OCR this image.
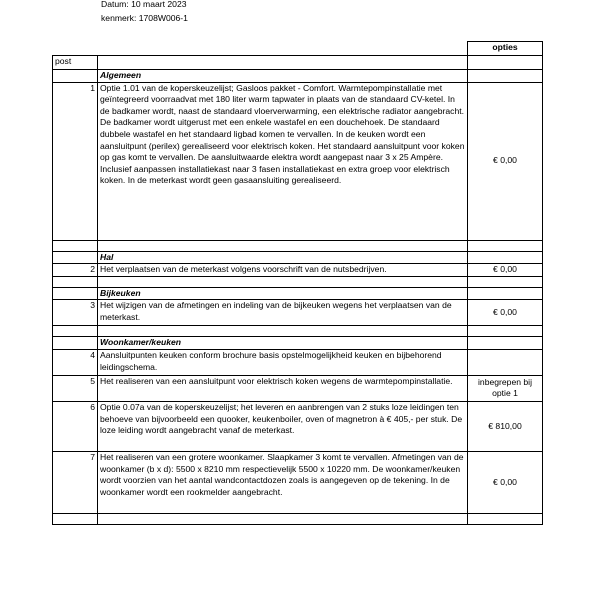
Datum: 10 maart 2023
kenmerk: 1708W006-1
		opties
post		
	Algemeen	
1	Optie 1.01 van de koperskeuzelijst; Gasloos pakket - Comfort. Warmtepompinstallatie met geïntegreerd voorraadvat met 180 liter warm tapwater in plaats van de standaard CV-ketel. In de badkamer wordt, naast de standaard vloerverwarming, een elektrische radiator aangebracht. De badkamer wordt uitgerust met een enkele wastafel en een douchehoek. De standaard dubbele wastafel en het standaard ligbad komen te vervallen. In de keuken wordt een aansluitpunt (perilex) gerealiseerd voor elektrisch koken. Het standaard aansluitpunt voor koken op gas komt te vervallen. De aansluitwaarde elektra wordt aangepast naar 3 x 25 Ampère. Inclusief aanpassen installatiekast naar 3 fasen installatiekast en extra groep voor elektrisch koken. In de meterkast wordt geen gasaansluiting gerealiseerd.	€ 0,00

	Hal	
2	Het verplaatsen van de meterkast volgens voorschrift van de nutsbedrijven.	€ 0,00

	Bijkeuken	
3	Het wijzigen van de afmetingen en indeling van de bijkeuken wegens het verplaatsen van de meterkast.	€ 0,00

	Woonkamer/keuken	
4	Aansluitpunten keuken conform brochure basis opstelmogelijkheid keuken en bijbehorend leidingschema.	
5	Het realiseren van een aansluitpunt voor elektrisch koken wegens de warmtepompinstallatie.	inbegrepen bij optie 1
6	Optie 0.07a van de koperskeuzelijst; het leveren en aanbrengen van 2 stuks loze leidingen ten behoeve van bijvoorbeeld een quooker, keukenboiler, oven of magnetron à € 405,- per stuk. De loze leiding wordt aangebracht vanaf de meterkast.	€ 810,00
7	Het realiseren van een grotere woonkamer. Slaapkamer 3 komt te vervallen. Afmetingen van de woonkamer (b x d): 5500 x 8210 mm respectievelijk 5500 x 10220 mm. De woonkamer/keuken wordt voorzien van het aantal wandcontactdozen zoals is aangegeven op de tekening. In de woonkamer wordt een rookmelder aangebracht.	€ 0,00
